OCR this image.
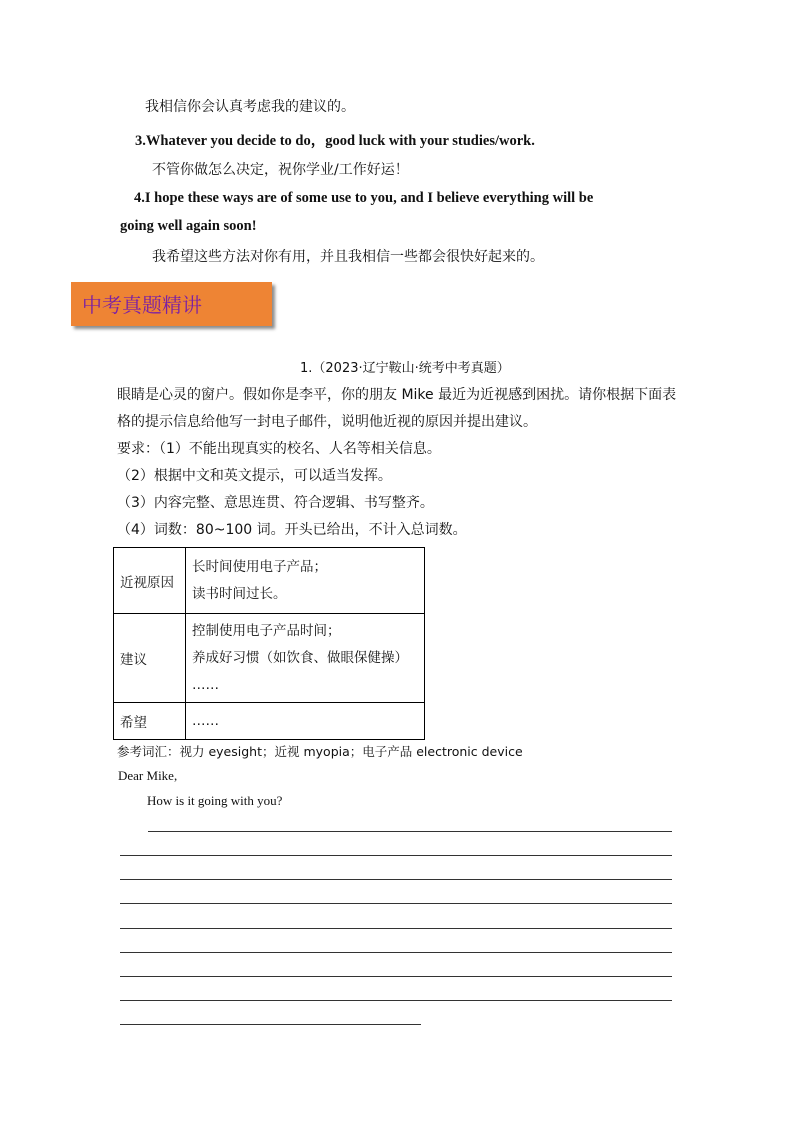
我相信你会认真考虑我的建议的。
3.Whatever you decide to do，good luck with your studies/work.
不管你做怎么决定，祝你学业/工作好运！
4.I hope these ways are of some use to you, and I believe everything will be
going well again soon!
我希望这些方法对你有用，并且我相信一些都会很快好起来的。
中考真题精讲
1.（2023·辽宁鞍山·统考中考真题）
眼睛是心灵的窗户。假如你是李平，你的朋友 Mike 最近为近视感到困扰。请你根据下面表
格的提示信息给他写一封电子邮件，说明他近视的原因并提出建议。
要求：（1）不能出现真实的校名、人名等相关信息。
（2）根据中文和英文提示，可以适当发挥。
（3）内容完整、意思连贯、符合逻辑、书写整齐。
（4）词数：80~100 词。开头已给出，不计入总词数。
近视原因	长时间使用电子产品；
读书时间过长。

建议	控制使用电子产品时间；
养成好习惯（如饮食、做眼保健操）
……

希望	……
参考词汇：视力 eyesight；近视 myopia；电子产品 electronic device
Dear Mike,
How is it going with you?
